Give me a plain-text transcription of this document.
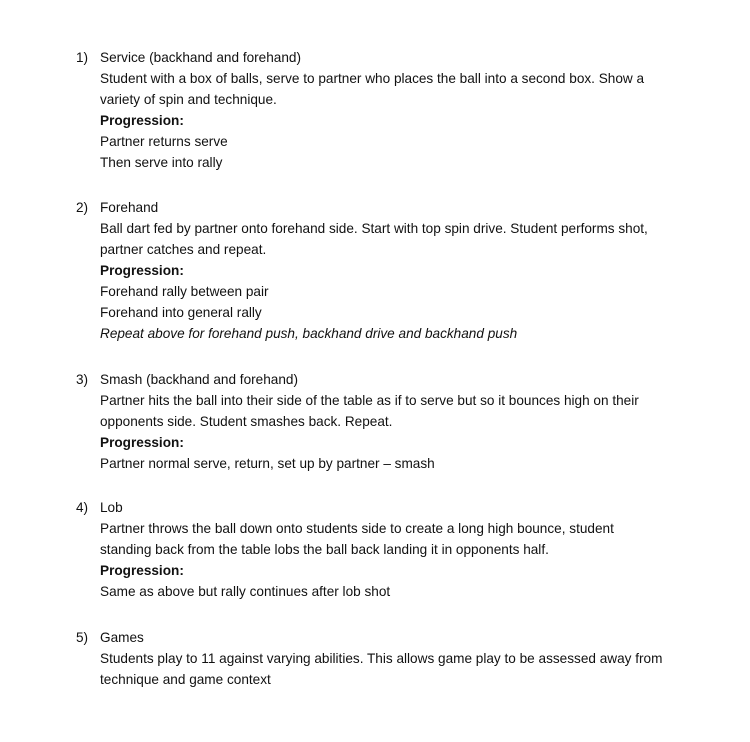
1) Service (backhand and forehand)
Student with a box of balls, serve to partner who places the ball into a second box. Show a
variety of spin and technique.
Progression:
Partner returns serve
Then serve into rally
2) Forehand
Ball dart fed by partner onto forehand side. Start with top spin drive. Student performs shot,
partner catches and repeat.
Progression:
Forehand rally between pair
Forehand into general rally
Repeat above for forehand push, backhand drive and backhand push
3) Smash (backhand and forehand)
Partner hits the ball into their side of the table as if to serve but so it bounces high on their
opponents side. Student smashes back. Repeat.
Progression:
Partner normal serve, return, set up by partner – smash
4) Lob
Partner throws the ball down onto students side to create a long high bounce, student
standing back from the table lobs the ball back landing it in opponents half.
Progression:
Same as above but rally continues after lob shot
5) Games
Students play to 11 against varying abilities. This allows game play to be assessed away from
technique and game context
